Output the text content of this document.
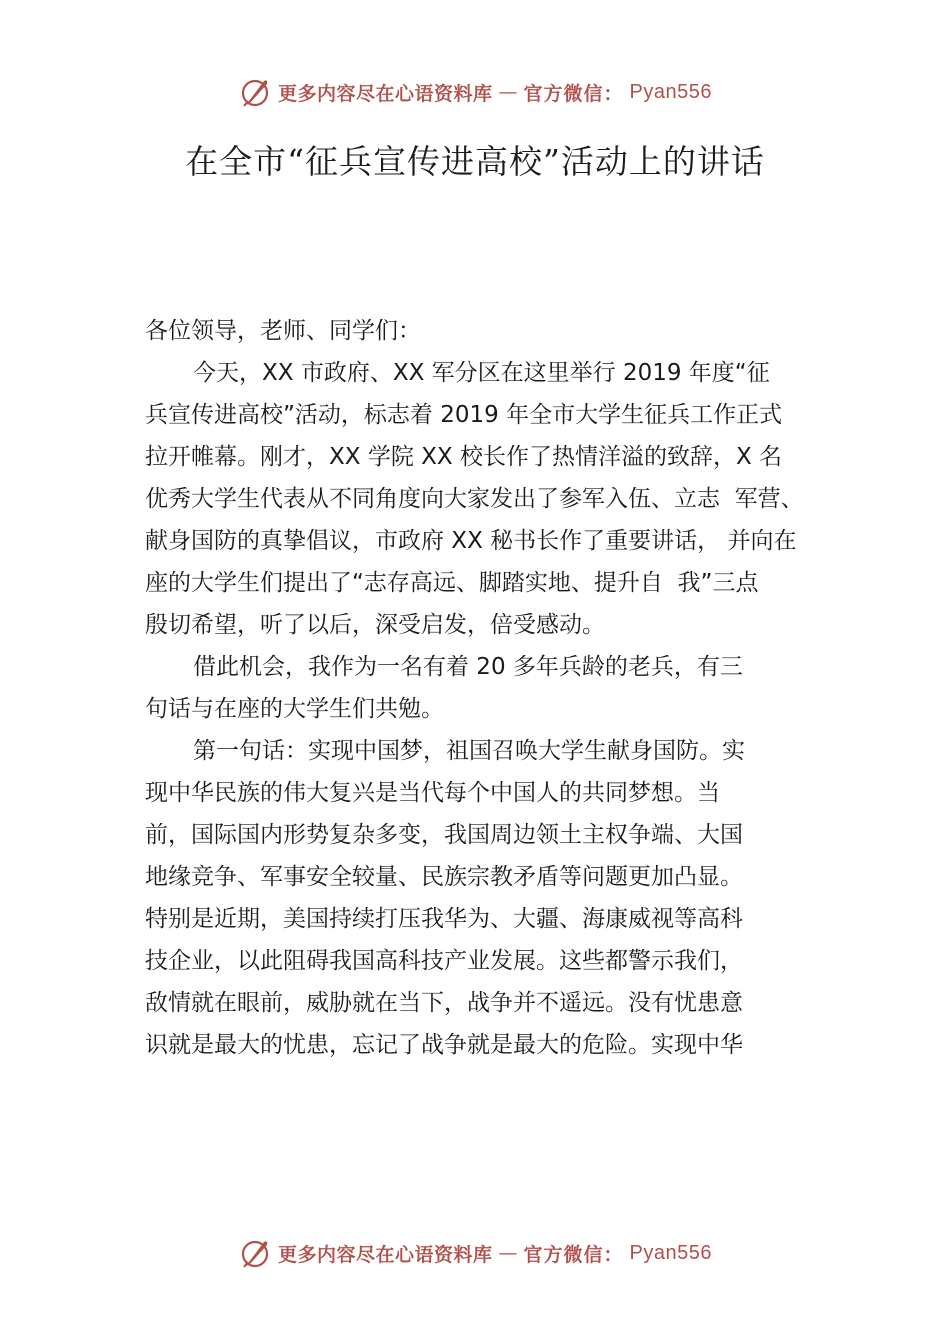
更多内容尽在心语资料库 — 官方微信： Pyan556
在全市“征兵宣传进高校”活动上的讲话

各位领导，老师、同学们：

今天，XX 市政府、XX 军分区在这里举行 2019 年度“征
兵宣传进高校”活动，标志着 2019 年全市大学生征兵工作正式
拉开帷幕。刚才，XX 学院 XX 校长作了热情洋溢的致辞，X 名
优秀大学生代表从不同角度向大家发出了参军入伍、立志  军营、
献身国防的真挚倡议，市政府 XX 秘书长作了重要讲话， 并向在
座的大学生们提出了“志存高远、脚踏实地、提升自  我”三点
殷切希望，听了以后，深受启发，倍受感动。

借此机会，我作为一名有着 20 多年兵龄的老兵，有三
句话与在座的大学生们共勉。

第一句话：实现中国梦，祖国召唤大学生献身国防。实
现中华民族的伟大复兴是当代每个中国人的共同梦想。当
前，国际国内形势复杂多变，我国周边领土主权争端、大国
地缘竞争、军事安全较量、民族宗教矛盾等问题更加凸显。
特别是近期，美国持续打压我华为、大疆、海康威视等高科
技企业，以此阻碍我国高科技产业发展。这些都警示我们，
敌情就在眼前，威胁就在当下，战争并不遥远。没有忧患意
识就是最大的忧患，忘记了战争就是最大的危险。实现中华

更多内容尽在心语资料库 — 官方微信： Pyan556
